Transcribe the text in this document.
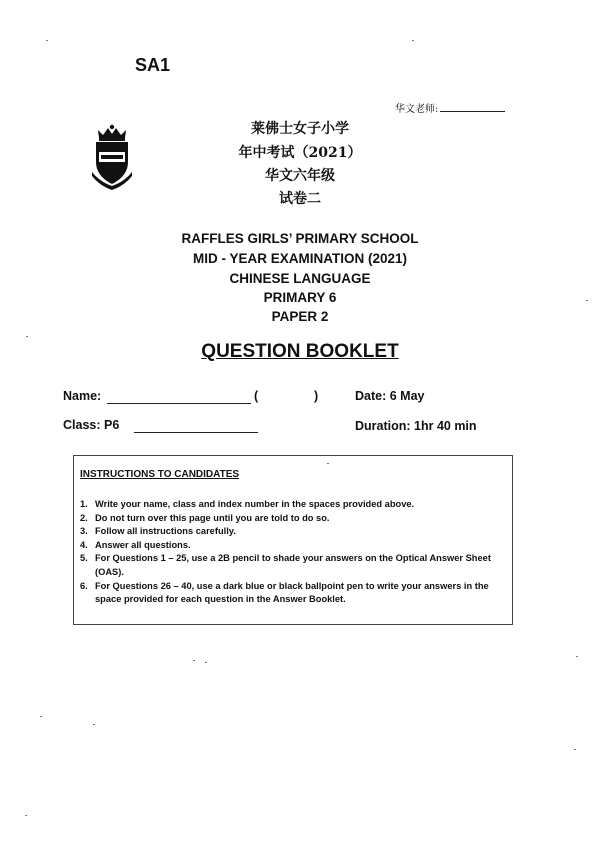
SA1
华文老师:
莱佛士女子小学
年中考试（2021）
华文六年级
试卷二
RAFFLES GIRLS’ PRIMARY SCHOOL
MID - YEAR EXAMINATION (2021)
CHINESE LANGUAGE
PRIMARY 6
PAPER 2
QUESTION BOOKLET
Name:	(	)	Date: 6 May
Class: P6	Duration: 1hr 40 min
INSTRUCTIONS TO CANDIDATES
1. Write your name, class and index number in the spaces provided above.
2. Do not turn over this page until you are told to do so.
3. Follow all instructions carefully.
4. Answer all questions.
5. For Questions 1 – 25, use a 2B pencil to shade your answers on the Optical Answer Sheet (OAS).
6. For Questions 26 – 40, use a dark blue or black ballpoint pen to write your answers in the space provided for each question in the Answer Booklet.
